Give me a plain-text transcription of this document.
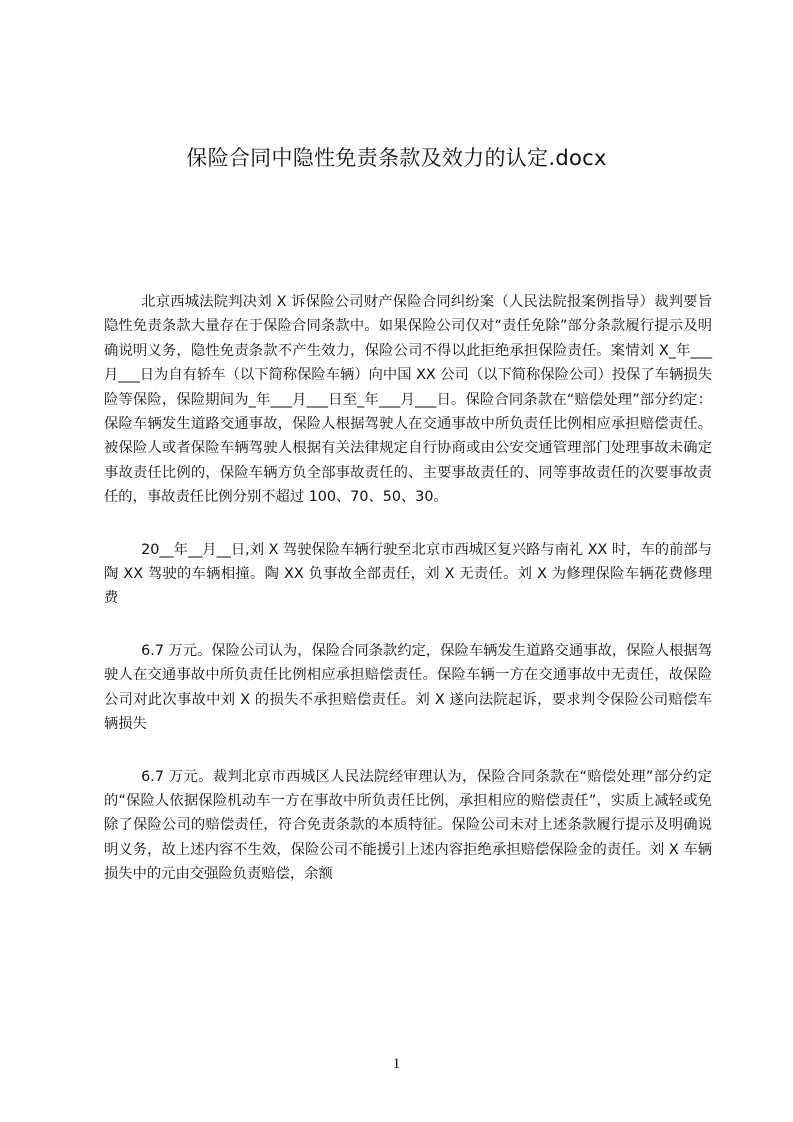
保险合同中隐性免责条款及效力的认定.docx

北京西城法院判决刘 X 诉保险公司财产保险合同纠纷案（人民法院报案例指导）裁判要旨隐性免责条款大量存在于保险合同条款中。如果保险公司仅对“责任免除”部分条款履行提示及明确说明义务，隐性免责条款不产生效力，保险公司不得以此拒绝承担保险责任。案情刘 X_年___月___日为自有轿车（以下简称保险车辆）向中国 XX 公司（以下简称保险公司）投保了车辆损失险等保险，保险期间为_年___月___日至_年___月___日。保险合同条款在“赔偿处理”部分约定：保险车辆发生道路交通事故，保险人根据驾驶人在交通事故中所负责任比例相应承担赔偿责任。被保险人或者保险车辆驾驶人根据有关法律规定自行协商或由公安交通管理部门处理事故未确定事故责任比例的，保险车辆方负全部事故责任的、主要事故责任的、同等事故责任的次要事故责任的，事故责任比例分别不超过 100、70、50、30。

20__年__月__日,刘 X 驾驶保险车辆行驶至北京市西城区复兴路与南礼 XX 时，车的前部与陶 XX 驾驶的车辆相撞。陶 XX 负事故全部责任，刘 X 无责任。刘 X 为修理保险车辆花费修理费

6.7 万元。保险公司认为，保险合同条款约定，保险车辆发生道路交通事故，保险人根据驾驶人在交通事故中所负责任比例相应承担赔偿责任。保险车辆一方在交通事故中无责任，故保险公司对此次事故中刘 X 的损失不承担赔偿责任。刘 X 遂向法院起诉，要求判令保险公司赔偿车辆损失

6.7 万元。裁判北京市西城区人民法院经审理认为，保险合同条款在“赔偿处理”部分约定的“保险人依据保险机动车一方在事故中所负责任比例，承担相应的赔偿责任”，实质上减轻或免除了保险公司的赔偿责任，符合免责条款的本质特征。保险公司未对上述条款履行提示及明确说明义务，故上述内容不生效，保险公司不能援引上述内容拒绝承担赔偿保险金的责任。刘 X 车辆损失中的元由交强险负责赔偿，余额

1
